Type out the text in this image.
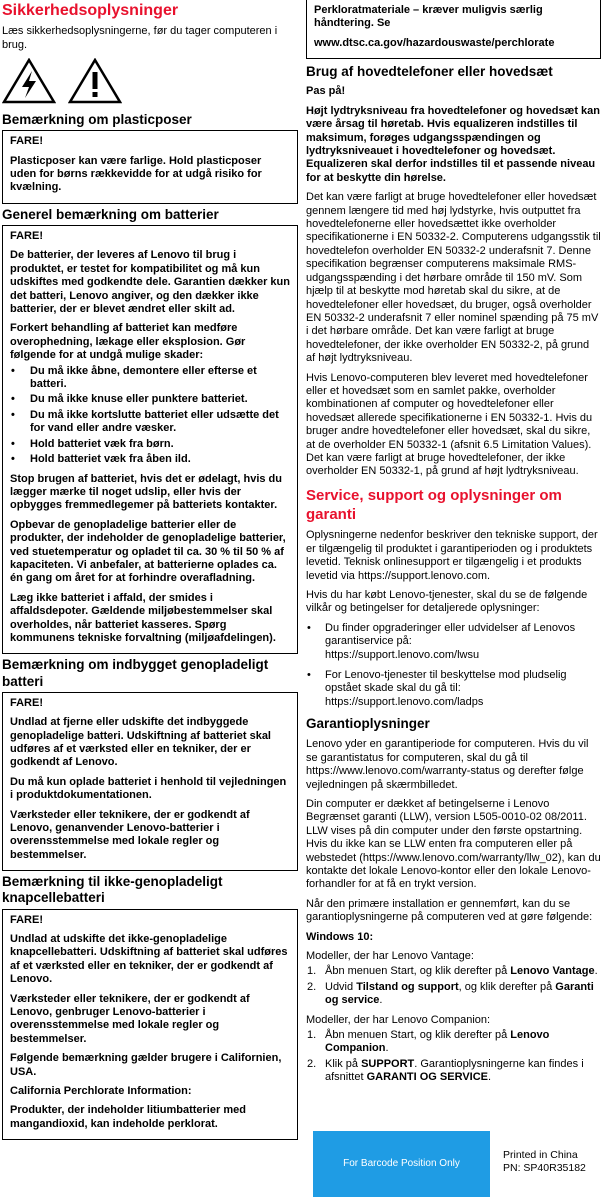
Sikkerhedsoplysninger

Læs sikkerhedsoplysningerne, før du tager computeren i brug.

Bemærkning om plasticposer
FARE!

Plasticposer kan være farlige. Hold plasticposer uden for børns rækkevidde for at udgå risiko for kvælning.

Generel bemærkning om batterier
FARE!

De batterier, der leveres af Lenovo til brug i produktet, er testet for kompatibilitet og må kun udskiftes med godkendte dele. Garantien dækker kun det batteri, Lenovo angiver, og den dækker ikke batterier, der er blevet ændret eller skilt ad.

Forkert behandling af batteriet kan medføre overophedning, lækage eller eksplosion. Gør følgende for at undgå mulige skader:

• Du må ikke åbne, demontere eller efterse et batteri.
• Du må ikke knuse eller punktere batteriet.
• Du må ikke kortslutte batteriet eller udsætte det for vand eller andre væsker.
• Hold batteriet væk fra børn.
• Hold batteriet væk fra åben ild.

Stop brugen af batteriet, hvis det er ødelagt, hvis du lægger mærke til noget udslip, eller hvis der opbygges fremmedlegemer på batteriets kontakter.

Opbevar de genopladelige batterier eller de produkter, der indeholder de genopladelige batterier, ved stuetemperatur og opladet til ca. 30 % til 50 % af kapaciteten. Vi anbefaler, at batterierne oplades ca. én gang om året for at forhindre overafladning.

Læg ikke batteriet i affald, der smides i affaldsdepoter. Gældende miljøbestemmelser skal overholdes, når batteriet kasseres. Spørg kommunens tekniske forvaltning (miljøafdelingen).

Bemærkning om indbygget genopladeligt batteri
FARE!

Undlad at fjerne eller udskifte det indbyggede genopladelige batteri. Udskiftning af batteriet skal udføres af et værksted eller en tekniker, der er godkendt af Lenovo.

Du må kun oplade batteriet i henhold til vejledningen i produktdokumentationen.

Værksteder eller teknikere, der er godkendt af Lenovo, genanvender Lenovo-batterier i overensstemmelse med lokale regler og bestemmelser.

Bemærkning til ikke-genopladeligt knapcellebatteri
FARE!

Undlad at udskifte det ikke-genopladelige knapcellebatteri. Udskiftning af batteriet skal udføres af et værksted eller en tekniker, der er godkendt af Lenovo.

Værksteder eller teknikere, der er godkendt af Lenovo, genbruger Lenovo-batterier i overensstemmelse med lokale regler og bestemmelser.

Følgende bemærkning gælder brugere i Californien, USA.

California Perchlorate Information:

Produkter, der indeholder litiumbatterier med mangandioxid, kan indeholde perklorat.

Perkloratmateriale – kræver muligvis særlig håndtering. Se

www.dtsc.ca.gov/hazardouswaste/perchlorate

Brug af hovedtelefoner eller hovedsæt

Pas på!

Højt lydtryksniveau fra hovedtelefoner og hovedsæt kan være årsag til høretab. Hvis equalizeren indstilles til maksimum, forøges udgangsspændingen og lydtryksniveauet i hovedtelefoner og hovedsæt. Equalizeren skal derfor indstilles til et passende niveau for at beskytte din hørelse.

Det kan være farligt at bruge hovedtelefoner eller hovedsæt gennem længere tid med høj lydstyrke, hvis outputtet fra hovedtelefonerne eller hovedsættet ikke overholder specifikationerne i EN 50332-2. Computerens udgangsstik til hovedtelefon overholder EN 50332-2 underafsnit 7. Denne specifikation begrænser computerens maksimale RMS-udgangsspænding i det hørbare område til 150 mV. Som hjælp til at beskytte mod høretab skal du sikre, at de hovedtelefoner eller hovedsæt, du bruger, også overholder EN 50332-2 underafsnit 7 eller nominel spænding på 75 mV i det hørbare område. Det kan være farligt at bruge hovedtelefoner, der ikke overholder EN 50332-2, på grund af højt lydtryksniveau.

Hvis Lenovo-computeren blev leveret med hovedtelefoner eller et hovedsæt som en samlet pakke, overholder kombinationen af computer og hovedtelefoner eller hovedsæt allerede specifikationerne i EN 50332-1. Hvis du bruger andre hovedtelefoner eller hovedsæt, skal du sikre, at de overholder EN 50332-1 (afsnit 6.5 Limitation Values). Det kan være farligt at bruge hovedtelefoner, der ikke overholder EN 50332-1, på grund af højt lydtryksniveau.

Service, support og oplysninger om garanti

Oplysningerne nedenfor beskriver den tekniske support, der er tilgængelig til produktet i garantiperioden og i produktets levetid. Teknisk onlinesupport er tilgængelig i et produkts levetid via https://support.lenovo.com.

Hvis du har købt Lenovo-tjenester, skal du se de følgende vilkår og betingelser for detaljerede oplysninger:

• Du finder opgraderinger eller udvidelser af Lenovos garantiservice på:
https://support.lenovo.com/lwsu
• For Lenovo-tjenester til beskyttelse mod pludselig opstået skade skal du gå til:
https://support.lenovo.com/ladps
Garantioplysninger

Lenovo yder en garantiperiode for computeren. Hvis du vil se garantistatus for computeren, skal du gå til https://www.lenovo.com/warranty-status og derefter følge vejledningen på skærmbilledet.

Din computer er dækket af betingelserne i Lenovo Begrænset garanti (LLW), version L505-0010-02 08/2011. LLW vises på din computer under den første opstartning. Hvis du ikke kan se LLW enten fra computeren eller på webstedet (https://www.lenovo.com/warranty/llw_02), kan du kontakte det lokale Lenovo-kontor eller den lokale Lenovo-forhandler for at få en trykt version.

Når den primære installation er gennemført, kan du se garantioplysningerne på computeren ved at gøre følgende:

Windows 10:

Modeller, der har Lenovo Vantage:

1. Åbn menuen Start, og klik derefter på Lenovo Vantage.
2. Udvid Tilstand og support, og klik derefter på Garanti og service.

Modeller, der har Lenovo Companion:

1. Åbn menuen Start, og klik derefter på Lenovo Companion.
2. Klik på SUPPORT. Garantioplysningerne kan findes i afsnittet GARANTI OG SERVICE.
For Barcode Position Only
Printed in China
PN: SP40R35182
